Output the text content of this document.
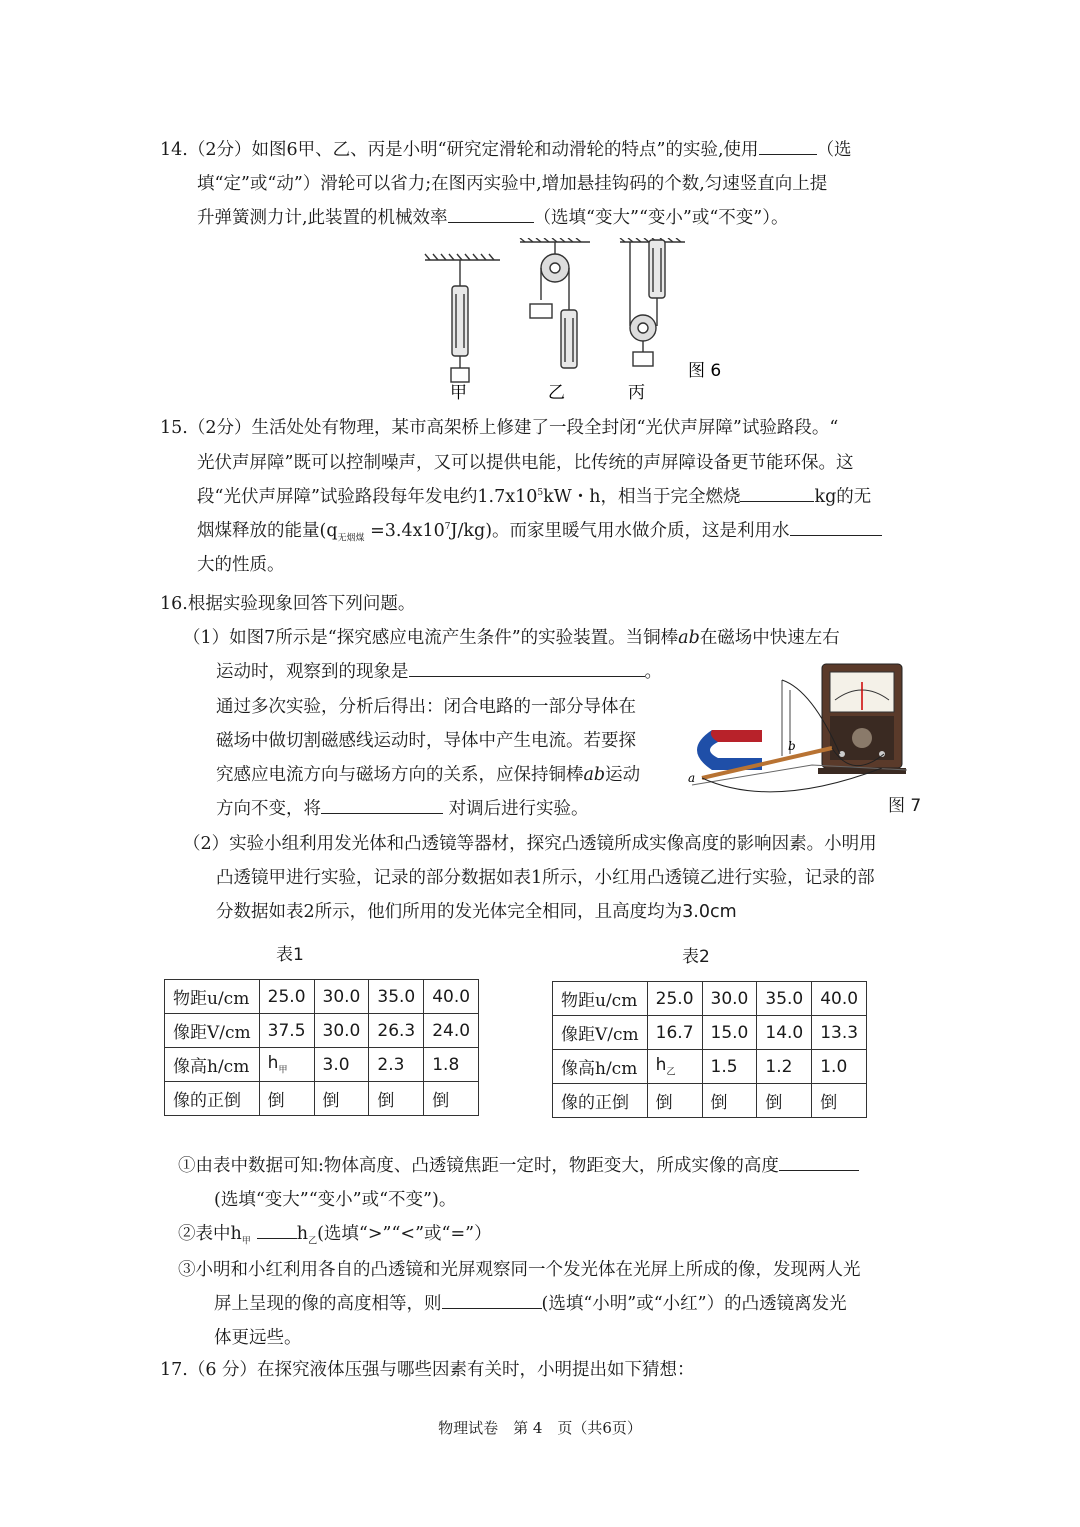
14.（2分）如图6甲、乙、丙是小明“研究定滑轮和动滑轮的特点”的实验,使用	（选
填“定”或“动”）滑轮可以省力;在图丙实验中,增加悬挂钩码的个数,匀速竖直向上提
升弹簧测力计,此装置的机械效率	（选填“变大”“变小”或“不变”）。
甲	乙	丙
图 6
15.（2分）生活处处有物理，某市高架桥上修建了一段全封闭“光伏声屏障”试验路段。“
光伏声屏障”既可以控制噪声，又可以提供电能，比传统的声屏障设备更节能环保。这
段“光伏声屏障”试验路段每年发电约$1.7x10^5kW$・h，相当于完全燃烧	kg的无
烟煤释放的能量$(q_{无烟煤} =3.4x10^7J/kg)$。而家里暖气用水做介质，这是利用水
大的性质。
16.根据实验现象回答下列问题。
（1）如图7所示是“探究感应电流产生条件”的实验装置。当铜棒ab在磁场中快速左右
运动时，观察到的现象是	。
通过多次实验，分析后得出：闭合电路的一部分导体在
磁场中做切割磁感线运动时，导体中产生电流。若要探
究感应电流方向与磁场方向的关系，应保持铜棒ab运动
方向不变，将	对调后进行实验。
a
b
图 7
（2）实验小组利用发光体和凸透镜等器材，探究凸透镜所成实像高度的影响因素。小明用
凸透镜甲进行实验，记录的部分数据如表1所示，小红用凸透镜乙进行实验，记录的部
分数据如表2所示，他们所用的发光体完全相同，且高度均为3.0cm
表1
物距u/cm	25.0	30.0	35.0	40.0
像距V/cm	37.5	30.0	26.3	24.0
像高h/cm	$h_甲$	3.0	2.3	1.8
像的正倒	倒	倒	倒	倒
表2
物距u/cm	25.0	30.0	35.0	40.0
像距V/cm	16.7	15.0	14.0	13.3
像高h/cm	$h_乙$	1.5	1.2	1.0
像的正倒	倒	倒	倒	倒
①由表中数据可知:物体高度、凸透镜焦距一定时，物距变大，所成实像的高度
(选填“变大”“变小”或“不变”)。
②表中$h_甲$	$h_乙$(选填“>”“<”或“=”）
③小明和小红利用各自的凸透镜和光屏观察同一个发光体在光屏上所成的像，发现两人光
屏上呈现的像的高度相等，则	(选填“小明”或“小红”）的凸透镜离发光
体更远些。
17.（6 分）在探究液体压强与哪些因素有关时，小明提出如下猜想：
物理试卷　第 4　页（共6页）
